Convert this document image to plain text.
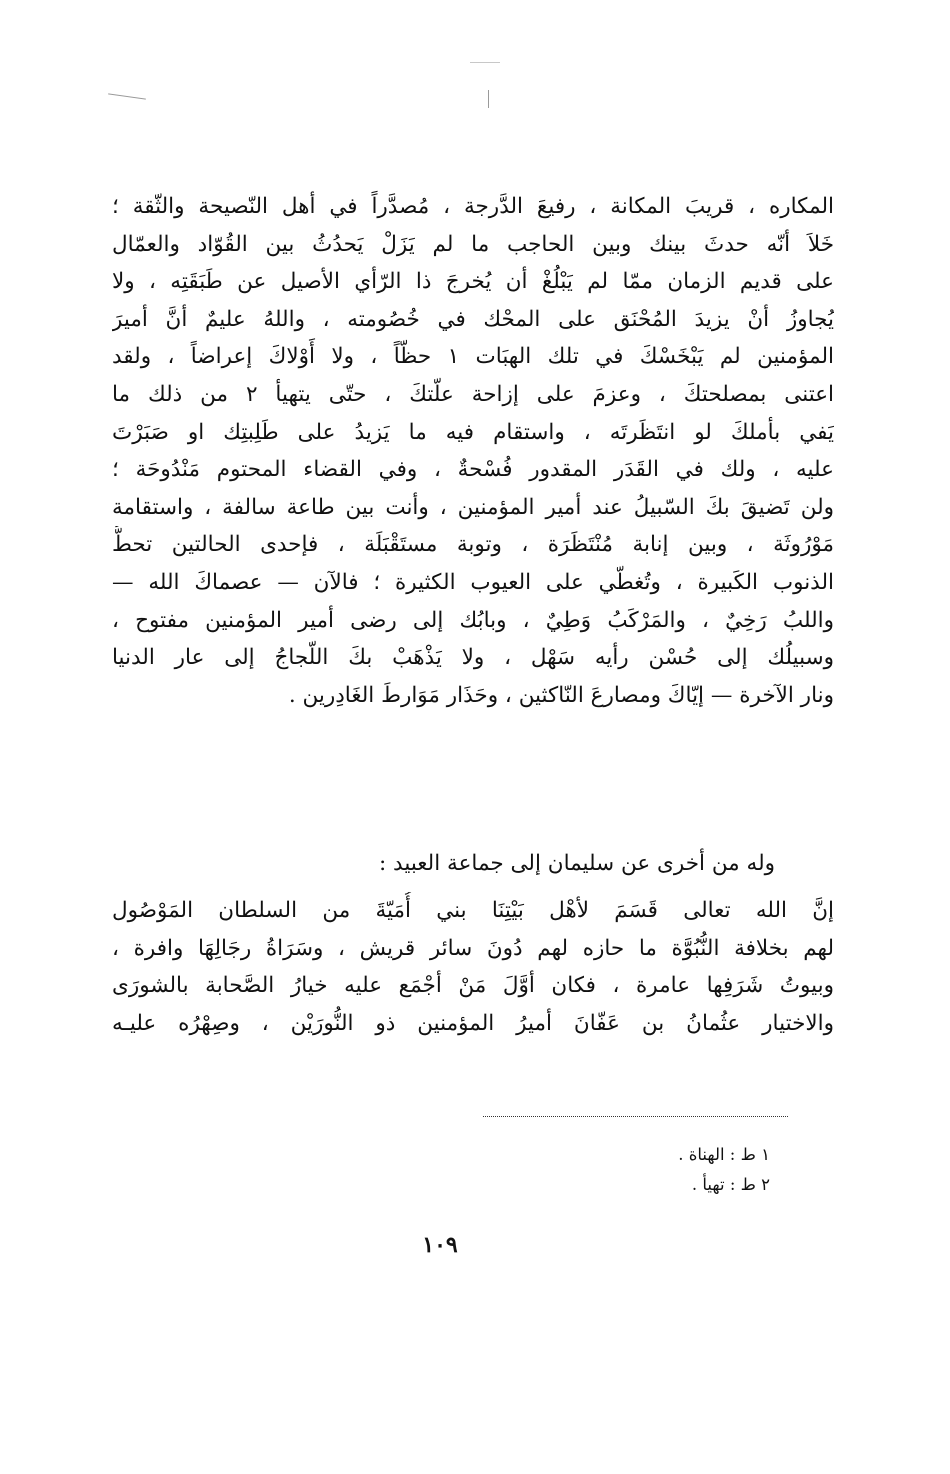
المكاره ، قريبَ المكانة ، رفيعَ الدَّرجة ، مُصدَّراً في أهل النّصيحة والثّقة ؛
خَلاَ أنّه حدثَ بينك وبين الحاجب ما لم يَزَلْ يَحدُثُ بين القُوّاد والعمّال
على قديم الزمان ممّا لم يَبْلُغْ أن يُخرجَ ذا الرّأي الأصيل عن طَبَقَتِه ، ولا
يُجاوزُ أنْ يزيدَ المُحْنَق على المحْك في خُصُومته ، واللهُ عليمٌ أنَّ أميرَ
المؤمنين لم يَبْخَسْكَ في تلك الهبَات ١ حظّاً ، ولا أَوْلاكَ إعراضاً ، ولقد
اعتنى بمصلحتكَ ، وعزمَ على إزاحة علّتكَ ، حتّى يتهيأ ٢ من ذلك ما
يَفي بأملكَ لو انتَظَرتَه ، واستقام فيه ما يَزيدُ على طَلِبتِك او صَبَرْتَ
عليه ، ولك في القَدَر المقدور فُسْحةٌ ، وفي القضاء المحتوم مَنْدُوحَة ؛
ولن تَضيقَ بكَ السّبيلُ عند أمير المؤمنين ، وأنت بين طاعة سالفة ، واستقامة
مَوْرُوثَة ، وبين إنابة مُنْتَظَرَة ، وتوبة مستَقْبَلَة ، فإحدى الحالتين تحطُّ
الذنوب الكَبيرة ، وتُغطّي على العيوب الكثيرة ؛ فالآن — عصماكَ الله —
واللبُ رَخِيٌ ، والمَرْكَبُ وَطِيٌ ، وبابُك إلى رضى أمير المؤمنين مفتوح ،
وسبيلُك إلى حُسْن رأيه سَهْل ، ولا يَذْهَبْ بكَ اللّجاجُ إلى عار الدنيا
ونار الآخرة — إيّاكَ ومصارعَ النّاكثين ، وحَذَار مَوَارطَ الغَادِرين .
وله من أخرى عن سليمان إلى جماعة العبيد :
إنَّ الله تعالى قَسَمَ لأهْل بَيْتِنَا بني أُمَيّةَ من السلطان المَوْصُول
لهم بخلافة النُّبُوَّة ما حازه لهم دُونَ سائر قريش ، وسَرَاةُ رجَالِهَا وافرة ،
وبيوتُ شَرَفِها عامرة ، فكان أوَّلَ مَنْ أجْمَع عليه خيارُ الصَّحابة بالشورَى
والاختيار عثُمانُ بن عَفّانَ أميرُ المؤمنين ذو النُّورَيْن ، وصِهْرُه عليـه
١ ط : الهناة .
٢ ط : تهيأ .
١٠٩
